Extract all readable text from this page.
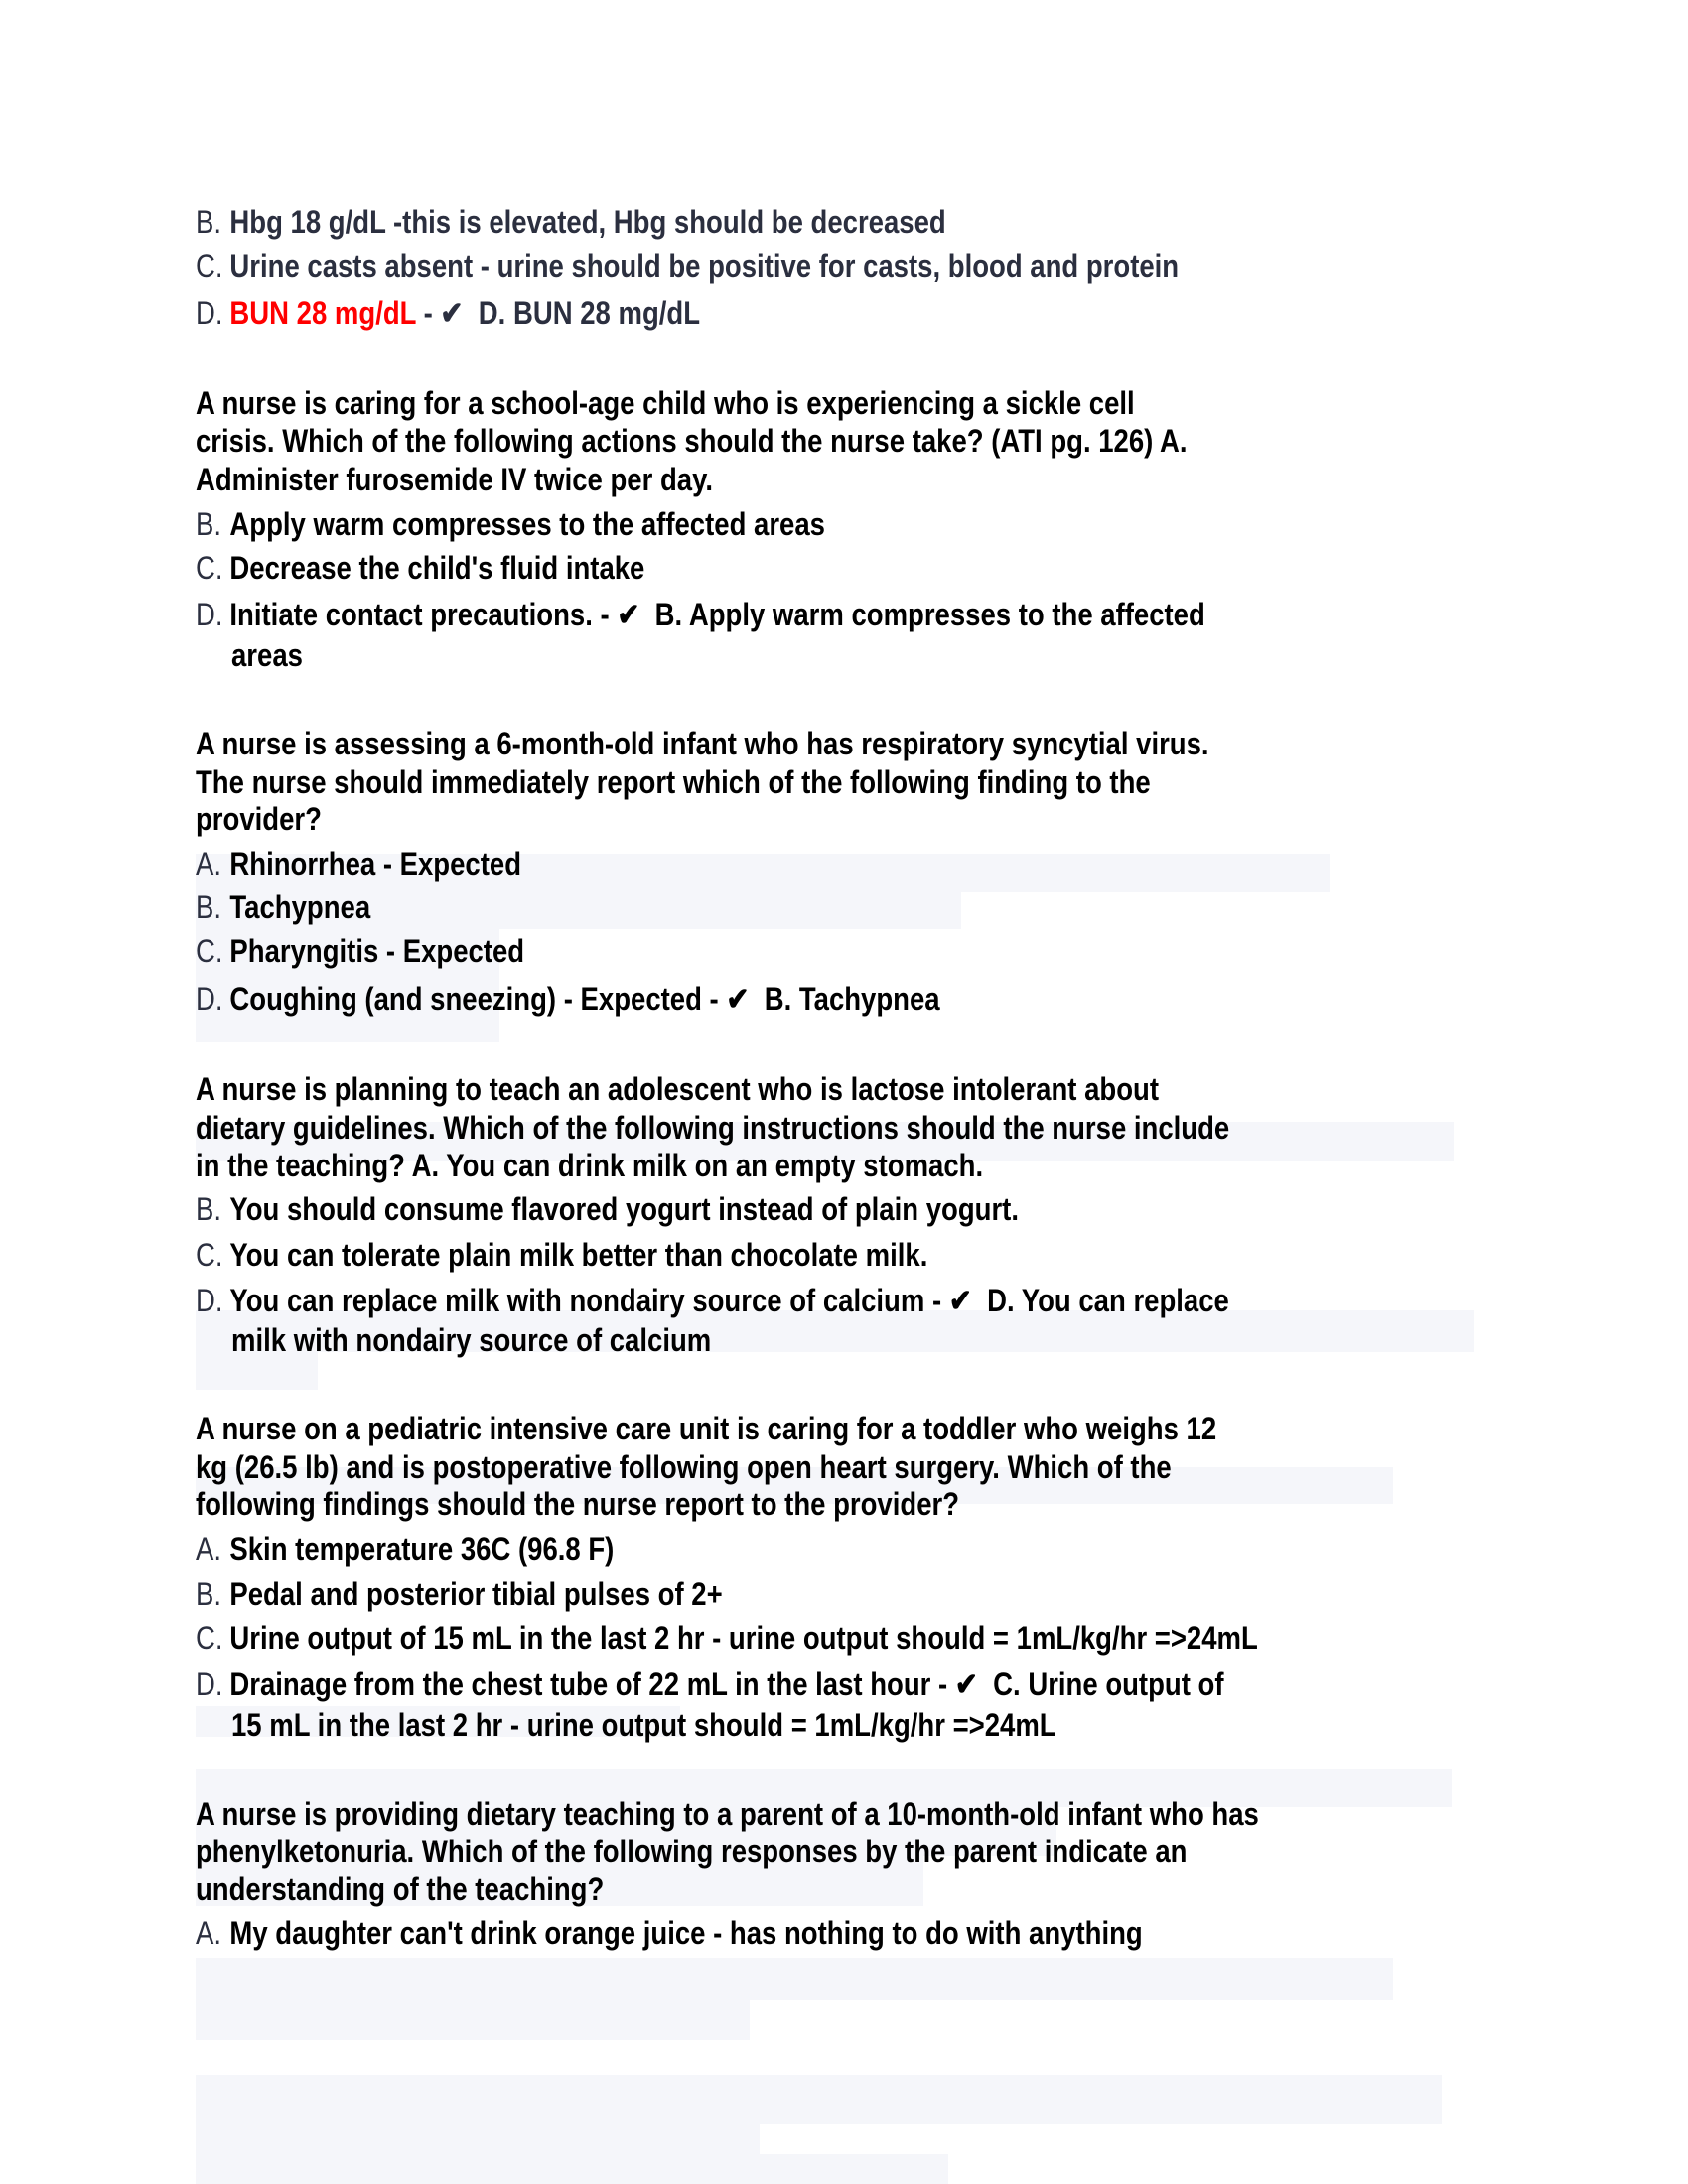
B. Hbg 18 g/dL -this is elevated, Hbg should be decreased
C. Urine casts absent - urine should be positive for casts, blood and protein
D. BUN 28 mg/dL - ✔  D. BUN 28 mg/dL
A nurse is caring for a school-age child who is experiencing a sickle cell
crisis. Which of the following actions should the nurse take? (ATI pg. 126) A.
Administer furosemide IV twice per day.
B. Apply warm compresses to the affected areas
C. Decrease the child's fluid intake
D. Initiate contact precautions. - ✔  B. Apply warm compresses to the affected
areas
A nurse is assessing a 6-month-old infant who has respiratory syncytial virus.
The nurse should immediately report which of the following finding to the
provider?
A. Rhinorrhea - Expected
B. Tachypnea
C. Pharyngitis - Expected
D. Coughing (and sneezing) - Expected - ✔  B. Tachypnea
A nurse is planning to teach an adolescent who is lactose intolerant about
dietary guidelines. Which of the following instructions should the nurse include
in the teaching? A. You can drink milk on an empty stomach.
B. You should consume flavored yogurt instead of plain yogurt.
C. You can tolerate plain milk better than chocolate milk.
D. You can replace milk with nondairy source of calcium - ✔  D. You can replace
milk with nondairy source of calcium
A nurse on a pediatric intensive care unit is caring for a toddler who weighs 12
kg (26.5 lb) and is postoperative following open heart surgery. Which of the
following findings should the nurse report to the provider?
A. Skin temperature 36C (96.8 F)
B. Pedal and posterior tibial pulses of 2+
C. Urine output of 15 mL in the last 2 hr - urine output should = 1mL/kg/hr =>24mL
D. Drainage from the chest tube of 22 mL in the last hour - ✔  C. Urine output of
15 mL in the last 2 hr - urine output should = 1mL/kg/hr =>24mL
A nurse is providing dietary teaching to a parent of a 10-month-old infant who has
phenylketonuria. Which of the following responses by the parent indicate an
understanding of the teaching?
A. My daughter can't drink orange juice - has nothing to do with anything
